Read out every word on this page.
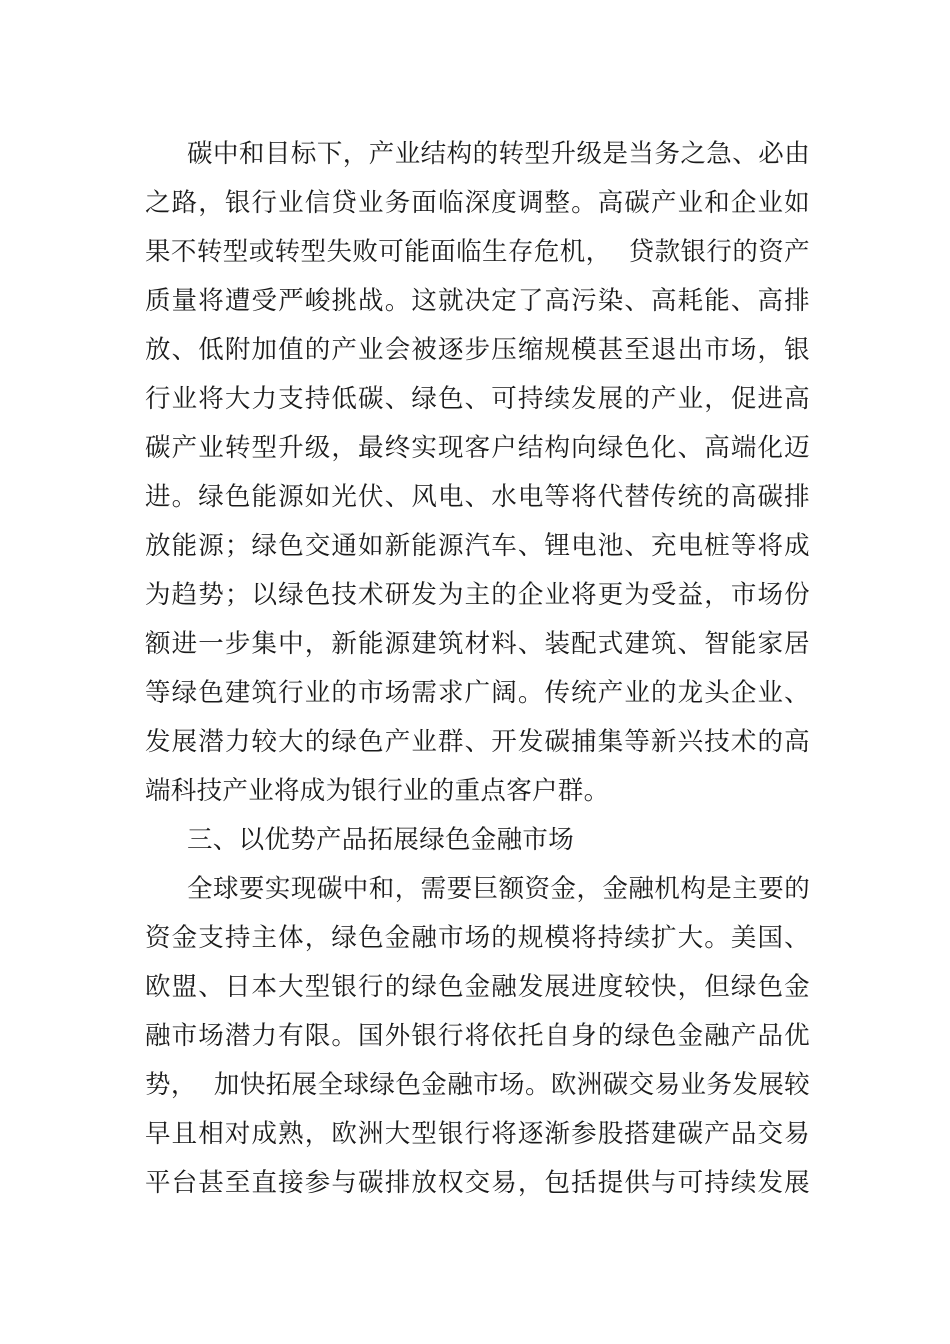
碳中和目标下，产业结构的转型升级是当务之急、必由
之路，银行业信贷业务面临深度调整。高碳产业和企业如
果不转型或转型失败可能面临生存危机，  贷款银行的资产
质量将遭受严峻挑战。这就决定了高污染、高耗能、高排
放、低附加值的产业会被逐步压缩规模甚至退出市场，银
行业将大力支持低碳、绿色、可持续发展的产业，促进高
碳产业转型升级，最终实现客户结构向绿色化、高端化迈
进。绿色能源如光伏、风电、水电等将代替传统的高碳排
放能源；绿色交通如新能源汽车、锂电池、充电桩等将成
为趋势；以绿色技术研发为主的企业将更为受益，市场份
额进一步集中，新能源建筑材料、装配式建筑、智能家居
等绿色建筑行业的市场需求广阔。传统产业的龙头企业、
发展潜力较大的绿色产业群、开发碳捕集等新兴技术的高
端科技产业将成为银行业的重点客户群。
三、以优势产品拓展绿色金融市场
全球要实现碳中和，需要巨额资金，金融机构是主要的
资金支持主体，绿色金融市场的规模将持续扩大。美国、
欧盟、日本大型银行的绿色金融发展进度较快，但绿色金
融市场潜力有限。国外银行将依托自身的绿色金融产品优
势，  加快拓展全球绿色金融市场。欧洲碳交易业务发展较
早且相对成熟，欧洲大型银行将逐渐参股搭建碳产品交易
平台甚至直接参与碳排放权交易，包括提供与可持续发展
